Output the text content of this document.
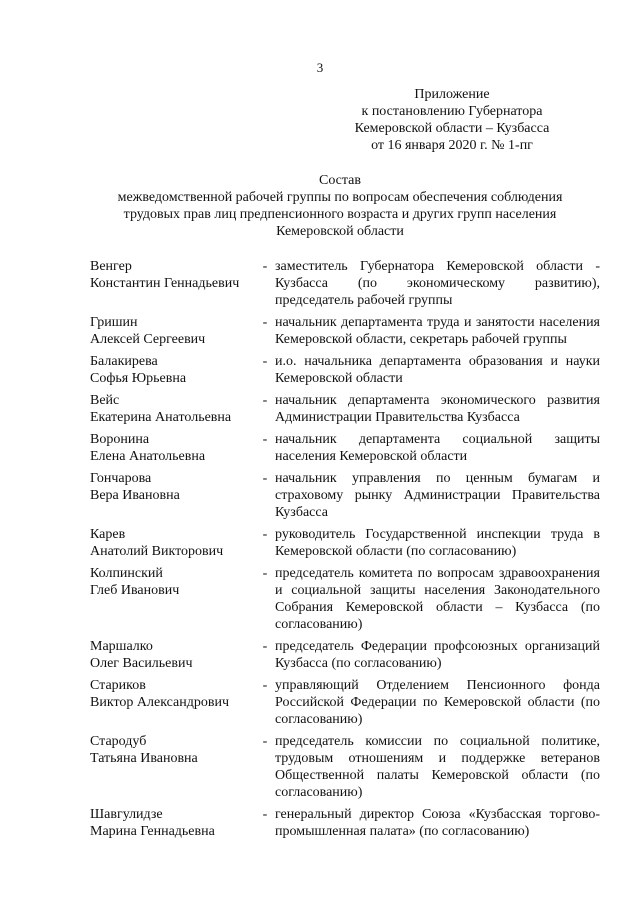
3
Приложение
к постановлению Губернатора
Кемеровской области – Кузбасса
от 16 января 2020 г. № 1-пг
Состав
межведомственной рабочей группы по вопросам обеспечения соблюдения
трудовых прав лиц предпенсионного возраста и других групп населения
Кемеровской области
Венгер
Константин Геннадьевич
- заместитель Губернатора Кемеровской области - Кузбасса (по экономическому развитию), председатель рабочей группы
Гришин
Алексей Сергеевич
- начальник департамента труда и занятости населения Кемеровской области, секретарь рабочей группы
Балакирева
Софья Юрьевна
- и.о. начальника департамента образования и науки Кемеровской области
Вейс
Екатерина Анатольевна
- начальник департамента экономического развития Администрации Правительства Кузбасса
Воронина
Елена Анатольевна
- начальник департамента социальной защиты населения Кемеровской области
Гончарова
Вера Ивановна
- начальник управления по ценным бумагам и страховому рынку Администрации Правительства Кузбасса
Карев
Анатолий Викторович
- руководитель Государственной инспекции труда в Кемеровской области (по согласованию)
Колпинский
Глеб Иванович
- председатель комитета по вопросам здравоохранения и социальной защиты населения Законодательного Собрания Кемеровской области – Кузбасса (по согласованию)
Маршалко
Олег Васильевич
- председатель Федерации профсоюзных организаций Кузбасса (по согласованию)
Стариков
Виктор Александрович
- управляющий Отделением Пенсионного фонда Российской Федерации по Кемеровской области (по согласованию)
Стародуб
Татьяна Ивановна
- председатель комиссии по социальной политике, трудовым отношениям и поддержке ветеранов Общественной палаты Кемеровской области (по согласованию)
Шавгулидзе
Марина Геннадьевна
- генеральный директор Союза «Кузбасская торгово-промышленная палата» (по согласованию)
